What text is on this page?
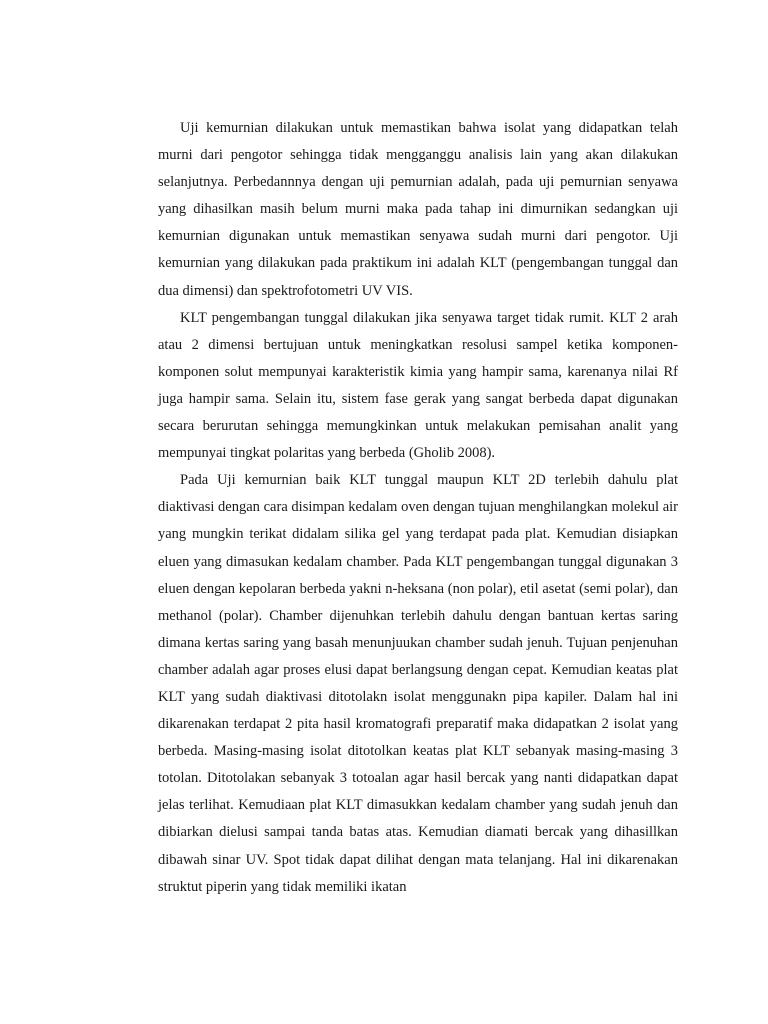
Uji kemurnian dilakukan untuk memastikan bahwa isolat yang didapatkan telah murni dari pengotor sehingga tidak mengganggu analisis lain yang akan dilakukan selanjutnya. Perbedannnya dengan uji pemurnian adalah, pada uji pemurnian senyawa yang dihasilkan masih belum murni maka pada tahap ini dimurnikan sedangkan uji kemurnian digunakan untuk memastikan senyawa sudah murni dari pengotor. Uji kemurnian yang dilakukan pada praktikum ini adalah KLT (pengembangan tunggal dan dua dimensi) dan spektrofotometri UV VIS.

KLT pengembangan tunggal dilakukan jika senyawa target tidak rumit. KLT 2 arah atau 2 dimensi bertujuan untuk meningkatkan resolusi sampel ketika komponen-komponen solut mempunyai karakteristik kimia yang hampir sama, karenanya nilai Rf juga hampir sama. Selain itu, sistem fase gerak yang sangat berbeda dapat digunakan secara berurutan sehingga memungkinkan untuk melakukan pemisahan analit yang mempunyai tingkat polaritas yang berbeda (Gholib 2008).

Pada Uji kemurnian baik KLT tunggal maupun KLT 2D terlebih dahulu plat diaktivasi dengan cara disimpan kedalam oven dengan tujuan menghilangkan molekul air yang mungkin terikat didalam silika gel yang terdapat pada plat. Kemudian disiapkan eluen yang dimasukan kedalam chamber. Pada KLT pengembangan tunggal digunakan 3 eluen dengan kepolaran berbeda yakni n-heksana (non polar), etil asetat (semi polar), dan methanol (polar). Chamber dijenuhkan terlebih dahulu dengan bantuan kertas saring dimana kertas saring yang basah menunjuukan chamber sudah jenuh. Tujuan penjenuhan chamber adalah agar proses elusi dapat berlangsung dengan cepat. Kemudian keatas plat KLT yang sudah diaktivasi ditotolakn isolat menggunakn pipa kapiler. Dalam hal ini dikarenakan terdapat 2 pita hasil kromatografi preparatif maka didapatkan 2 isolat yang berbeda. Masing-masing isolat ditotolkan keatas plat KLT sebanyak masing-masing 3 totolan. Ditotolakan sebanyak 3 totoalan agar hasil bercak yang nanti didapatkan dapat jelas terlihat. Kemudiaan plat KLT dimasukkan kedalam chamber yang sudah jenuh dan dibiarkan dielusi sampai tanda batas atas. Kemudian diamati bercak yang dihasillkan dibawah sinar UV. Spot tidak dapat dilihat dengan mata telanjang. Hal ini dikarenakan struktut piperin yang tidak memiliki ikatan
